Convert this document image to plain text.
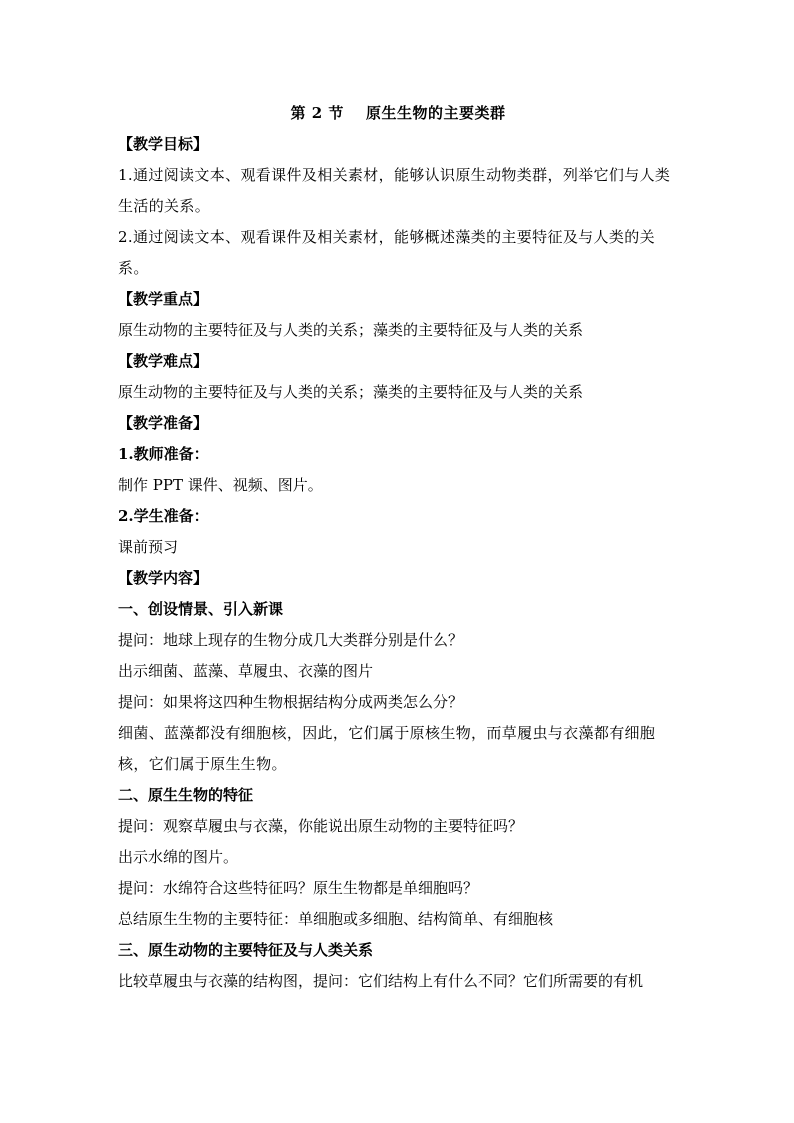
第 2 节 原生生物的主要类群

【教学目标】

1.通过阅读文本、观看课件及相关素材，能够认识原生动物类群，列举它们与人类生活的关系。

2.通过阅读文本、观看课件及相关素材，能够概述藻类的主要特征及与人类的关系。

【教学重点】

原生动物的主要特征及与人类的关系；藻类的主要特征及与人类的关系

【教学难点】

原生动物的主要特征及与人类的关系；藻类的主要特征及与人类的关系

【教学准备】

1.教师准备：

制作 PPT 课件、视频、图片。

2.学生准备：

课前预习

【教学内容】

一、创设情景、引入新课

提问：地球上现存的生物分成几大类群分别是什么？

出示细菌、蓝藻、草履虫、衣藻的图片

提问：如果将这四种生物根据结构分成两类怎么分？

细菌、蓝藻都没有细胞核，因此，它们属于原核生物，而草履虫与衣藻都有细胞核，它们属于原生生物。

二、原生生物的特征

提问：观察草履虫与衣藻，你能说出原生动物的主要特征吗？

出示水绵的图片。

提问：水绵符合这些特征吗？原生生物都是单细胞吗？

总结原生生物的主要特征：单细胞或多细胞、结构简单、有细胞核

三、原生动物的主要特征及与人类关系

比较草履虫与衣藻的结构图，提问：它们结构上有什么不同？它们所需要的有机
